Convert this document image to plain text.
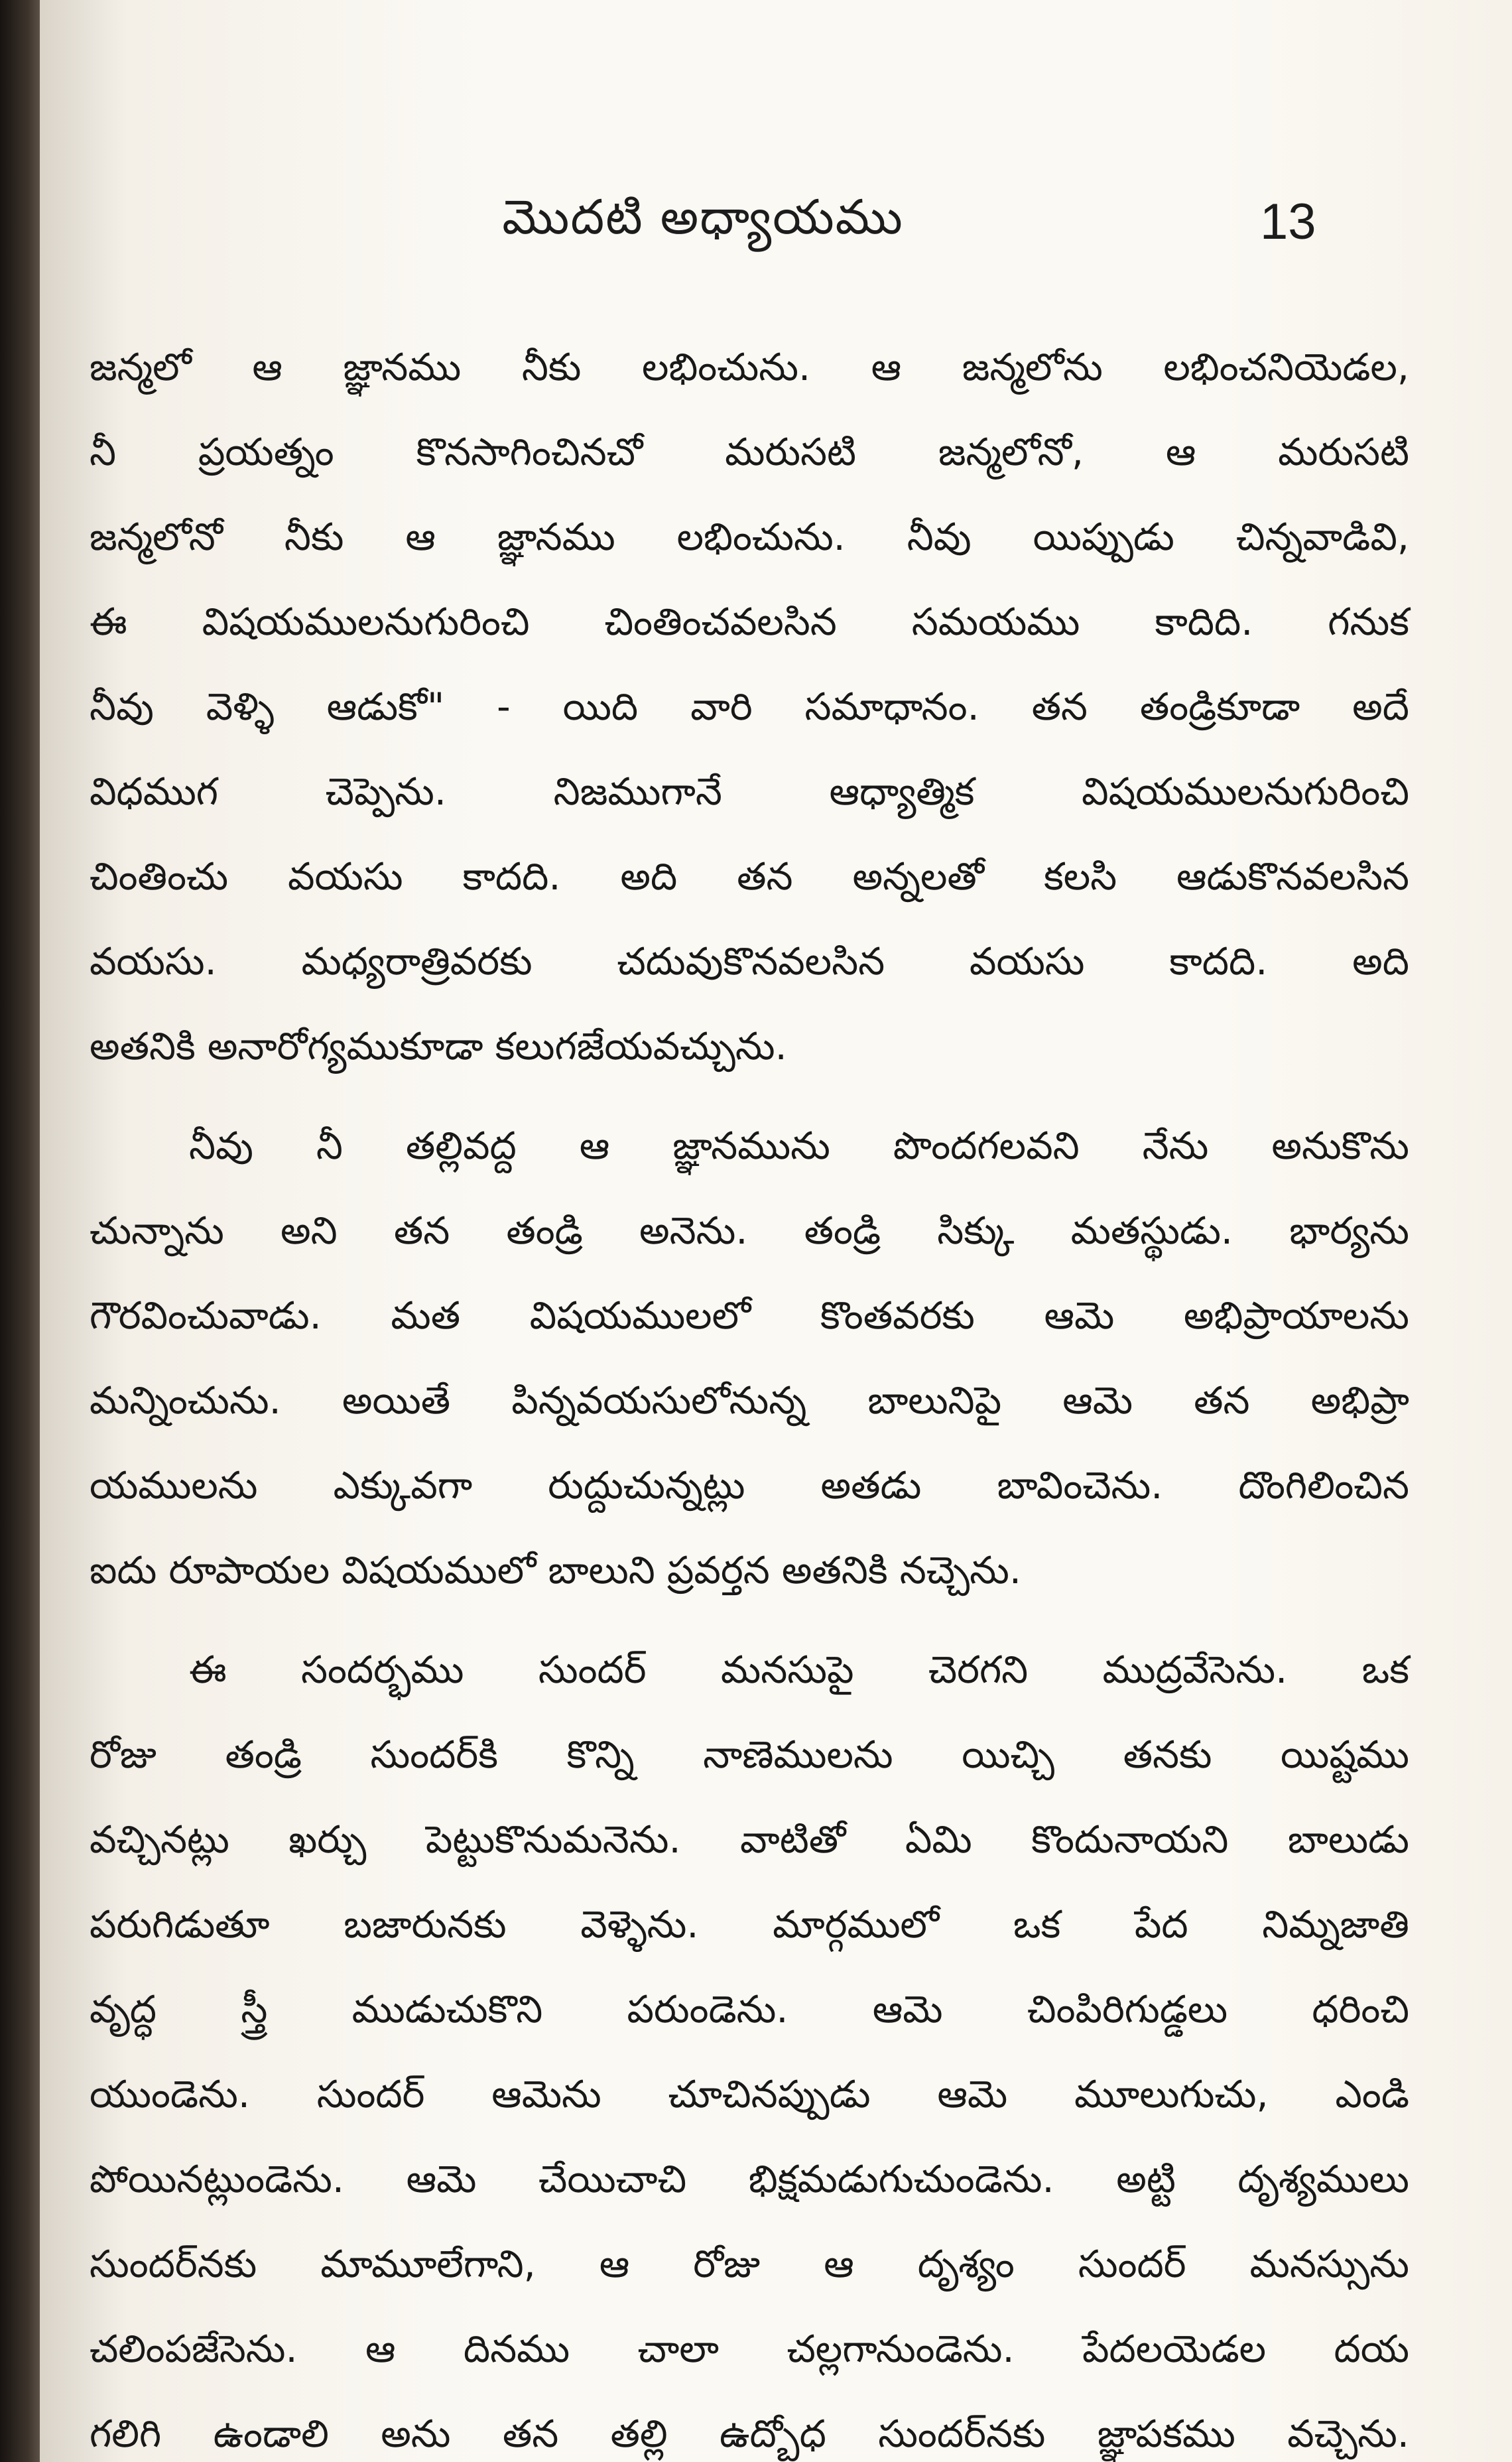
మొదటి అధ్యాయము	13

జన్మలో ఆ జ్ఞానము నీకు లభించును. ఆ జన్మలోను లభించనియెడల,
నీ ప్రయత్నం కొనసాగించినచో మరుసటి జన్మలోనో, ఆ మరుసటి
జన్మలోనో నీకు ఆ జ్ఞానము లభించును. నీవు యిప్పుడు చిన్నవాడివి,
ఈ విషయములనుగురించి చింతించవలసిన సమయము కాదిది. గనుక
నీవు వెళ్ళి ఆడుకో" - యిది వారి సమాధానం. తన తండ్రికూడా అదే
విధముగ చెప్పెను. నిజముగానే ఆధ్యాత్మిక విషయములనుగురించి
చింతించు వయసు కాదది. అది తన అన్నలతో కలసి ఆడుకొనవలసిన
వయసు. మధ్యరాత్రివరకు చదువుకొనవలసిన వయసు కాదది. అది
అతనికి అనారోగ్యముకూడా కలుగజేయవచ్చును.

నీవు నీ తల్లివద్ద ఆ జ్ఞానమును పొందగలవని నేను అనుకొను
చున్నాను అని తన తండ్రి అనెను. తండ్రి సిక్కు మతస్థుడు. భార్యను
గౌరవించువాడు. మత విషయములలో కొంతవరకు ఆమె అభిప్రాయాలను
మన్నించును. అయితే పిన్నవయసులోనున్న బాలునిపై ఆమె తన అభిప్రా
యములను ఎక్కువగా రుద్దుచున్నట్లు అతడు బావించెను. దొంగిలించిన
ఐదు రూపాయల విషయములో బాలుని ప్రవర్తన అతనికి నచ్చెను.

ఈ సందర్భము సుందర్ మనసుపై చెరగని ముద్రవేసెను. ఒక
రోజు తండ్రి సుందర్‌కి కొన్ని నాణెములను యిచ్చి తనకు యిష్టము
వచ్చినట్లు ఖర్చు పెట్టుకొనుమనెను. వాటితో ఏమి కొందునాయని బాలుడు
పరుగిడుతూ బజారునకు వెళ్ళెను. మార్గములో ఒక పేద నిమ్నజాతి
వృద్ధ స్త్రీ ముడుచుకొని పరుండెను. ఆమె చింపిరిగుడ్డలు ధరించి
యుండెను. సుందర్ ఆమెను చూచినప్పుడు ఆమె మూలుగుచు, ఎండి
పోయినట్లుండెను. ఆమె చేయిచాచి భిక్షమడుగుచుండెను. అట్టి దృశ్యములు
సుందర్‌నకు మామూలేగాని, ఆ రోజు ఆ దృశ్యం సుందర్ మనస్సును
చలింపజేసెను. ఆ దినము చాలా చల్లగానుండెను. పేదలయెడల దయ
గలిగి ఉండాలి అను తన తల్లి ఉద్బోధ సుందర్‌నకు జ్ఞాపకము వచ్చెను.
